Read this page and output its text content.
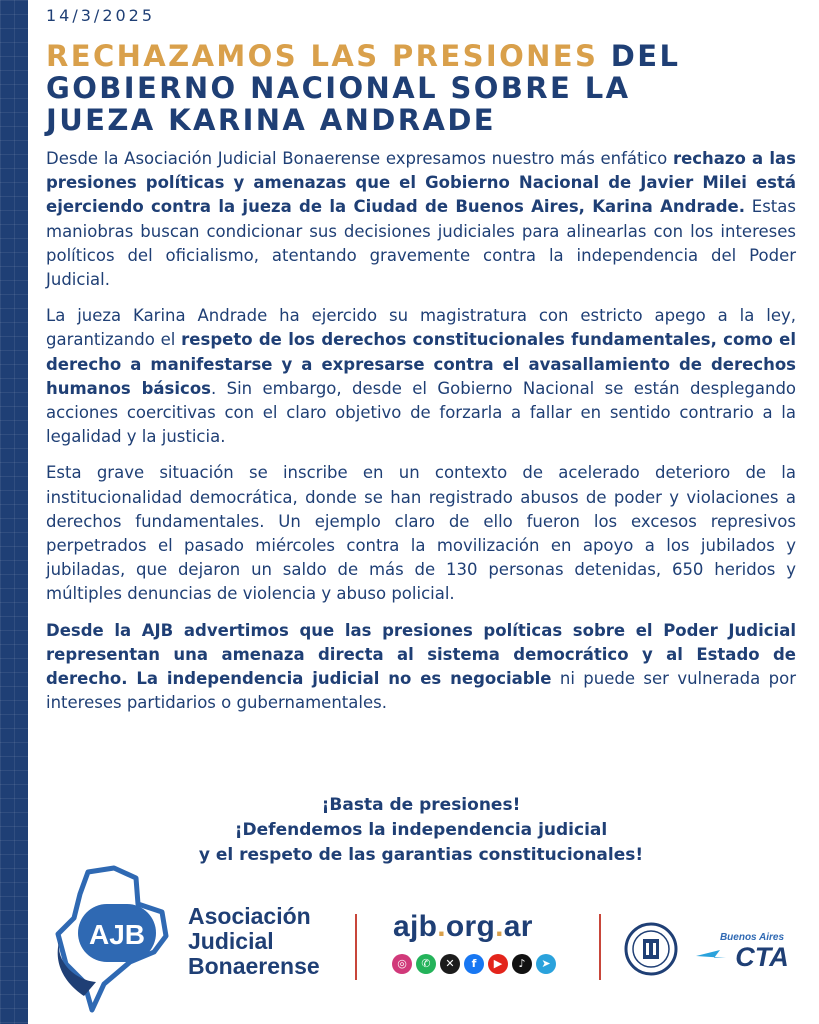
14/3/2025
RECHAZAMOS LAS PRESIONES DEL
GOBIERNO NACIONAL SOBRE LA
JUEZA KARINA ANDRADE

Desde la Asociación Judicial Bonaerense expresamos nuestro más enfático rechazo a las presiones políticas y amenazas que el Gobierno Nacional de Javier Milei está ejerciendo contra la jueza de la Ciudad de Buenos Aires, Karina Andrade. Estas maniobras buscan condicionar sus decisiones judiciales para alinearlas con los intereses políticos del oficialismo, atentando gravemente contra la independencia del Poder Judicial.

La jueza Karina Andrade ha ejercido su magistratura con estricto apego a la ley, garantizando el respeto de los derechos constitucionales fundamentales, como el derecho a manifestarse y a expresarse contra el avasallamiento de derechos humanos básicos. Sin embargo, desde el Gobierno Nacional se están desplegando acciones coercitivas con el claro objetivo de forzarla a fallar en sentido contrario a la legalidad y la justicia.

Esta grave situación se inscribe en un contexto de acelerado deterioro de la institucionalidad democrática, donde se han registrado abusos de poder y violaciones a derechos fundamentales. Un ejemplo claro de ello fueron los excesos represivos perpetrados el pasado miércoles contra la movilización en apoyo a los jubilados y jubiladas, que dejaron un saldo de más de 130 personas detenidas, 650 heridos y múltiples denuncias de violencia y abuso policial.

Desde la AJB advertimos que las presiones políticas sobre el Poder Judicial representan una amenaza directa al sistema democrático y al Estado de derecho. La independencia judicial no es negociable ni puede ser vulnerada por intereses partidarios o gubernamentales.

¡Basta de presiones!
¡Defendemos la independencia judicial
y el respeto de las garantias constitucionales!
AJB
Asociación
Judicial
Bonaerense
ajb.org.ar
◎	✆	✕	f	▶	♪	➤
Buenos Aires
CTA
